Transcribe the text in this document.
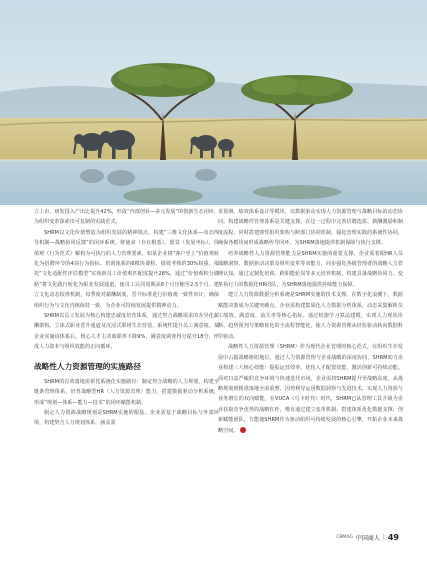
立上市，研发投入产出比提升42%，形成“内部创业—多元发展”的创新生态闭环，为组织变革探索出可复制的实践范式。

SHRM以文化价值塑造为组织发展的精神锚点，构建“三维文化体系—动态传导机制—战略协同反馈”的闭环系统。将使命（存在根基）、愿景（发展坐标）、价值观（行为范式）解构为可执行的人力管理要素，如某企业将“客户至上”价值观转化为招聘环节的4项行为指标、培训体系的6模块课程、绩效考核的30%权重。依托“文化适配性评估模型”实现新员工价值观匹配度提升28%，通过“价值观积分墙路”将文化践行转化为职业发展通道，使员工认同周期从6个月压缩至2.5个月。建立文化动态校准机制，每季度对薪酬制度、晋升标准进行价值观一致性审计，确保组织行为与文化内核保持一致，为企业可持续发展提供精神动力。

SHRM以员工发展为核心构建忠诚度培育体系，通过契合战略需求的差异化薪酬架构、立体式职业晋升通道及沉浸式职场生态营造，系统性提升员工满意度。某企业实施该体系后，核心人才主动离职率下降9%，满意度调查得分提升18分，形成人力资本与组织效能的正向循环。

战略性人力资源管理的实施路径

SHRM的有效落地需依托系统化实施路径：制定契合战略的人力规划，构建全链条管理体系，培育战略型HR（人力资源管理）能力，搭建数据驱动分析系统，形成“规划—体系—能力—技术”的闭环赋能机制。

制定人力资源战略规划是SHRM实施的根基。企业需基于战略目标与外部环境，构建契合人力规划体系，涵盖需

求预测、绩效体系设计等模块，以数据驱动实现人力资源管理与战略目标的动态协同。构建战略性管理体系是关键支撑。在这一过程中完善招聘选拔、薪酬激励和制度流程。同时搭建弹性组织架构与跨部门协同机制，强化管理实践的系统性协同，确保各模块间形成战略传导闭环，为SHRM落地提供机制保障与执行支撑。

培养战略性人力资源管理能力是SHRM实施的重要支撑。企业需着眼HR人员战略洞察、数据驱动决策及组织变革等双能力，同步强化各级管理者的战略人力管理认知。通过定制化培训、跨职能轮岗等多元培养机制，构建具备战略协同力、变革执行力的数据化HR团队，为SHRM落地提供持续能力保障。

建立人力资源数据分析系统是SHRM实施的技术支撑。在数字化浪潮下，数据赋能决策成为关键突破点。企业需构建集成化人力数据分析体系，动态采集解析员工绩效、满意度、流失率等核心指标。通过机器学习算法建模，实现人力现状诊断、趋势预判与策略优化的全流程智能化，使人力资源管理从经验驱动转向数据科学驱动。

战略性人力资源管理（SHRM）作为现代企业管理的核心范式，在组织生存发展中占据战略枢纽地位。通过人力资源管理与企业战略的深度协同，SHRM助力企业构建三大核心效能：提振运营效率、优化人才配置效能，激活创新可持续动能。面对日益严峻的竞争环境与快速迭代市场，企业需将SHRM提升至战略高度，从战略规划到精准落地全面重塑，因势利导运用数据洞察与先进技术，实现人力资源与业务增长的双向赋能。在VUCA（乌卡时代）时代，SHRM已从管理工具升级为企业获取竞争优势的战略杠杆，唯有通过建立变革机制、搭建体系优化数据支撑、创新赋能团队，方能使SHRM作为驱动组织可持续发展的核心引擎，开拓企业未来战略空间。

CBMAG 中国商人 | 49
